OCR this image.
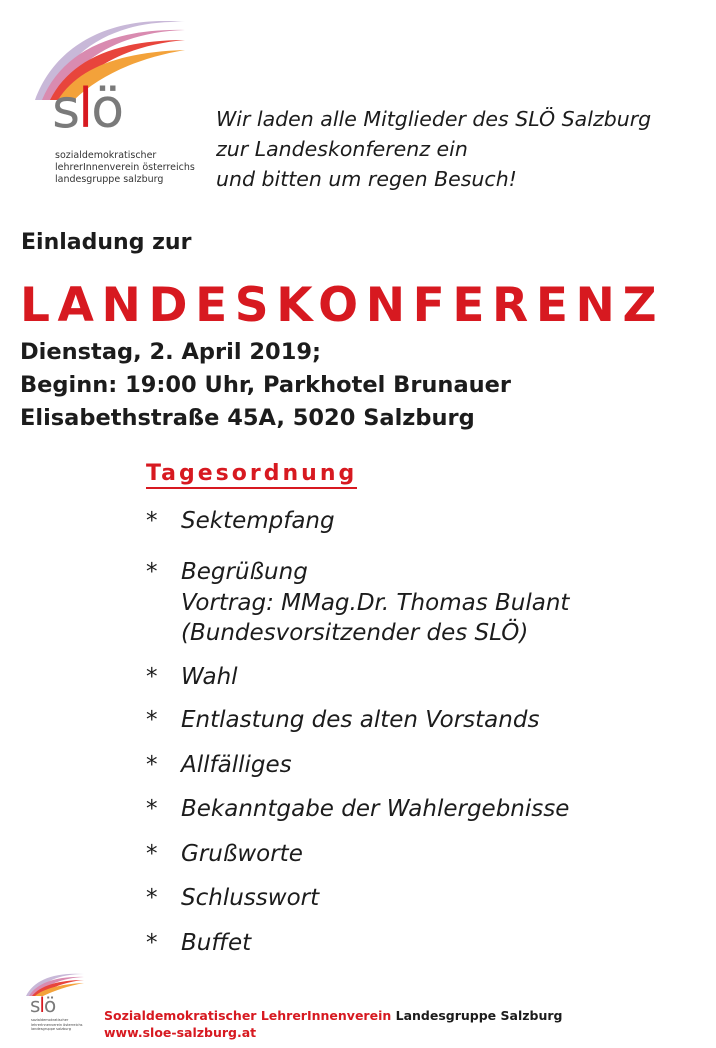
slö
sozialdemokratischer
lehrerInnenverein österreichs
landesgruppe salzburg
Wir laden alle Mitglieder des SLÖ Salzburg
zur Landeskonferenz ein
und bitten um regen Besuch!
Einladung zur
LANDESKONFERENZ
Dienstag, 2. April 2019;
Beginn: 19:00 Uhr, Parkhotel Brunauer
Elisabethstraße 45A, 5020 Salzburg
Tagesordnung
* Sektempfang
* Begrüßung
Vortrag: MMag.Dr. Thomas Bulant
(Bundesvorsitzender des SLÖ)
* Wahl
* Entlastung des alten Vorstands
* Allfälliges
* Bekanntgabe der Wahlergebnisse
* Grußworte
* Schlusswort
* Buffet
slö
sozialdemokratischer
lehrerInnenverein österreichs
landesgruppe salzburg
Sozialdemokratischer LehrerInnenverein Landesgruppe Salzburg
www.sloe-salzburg.at
